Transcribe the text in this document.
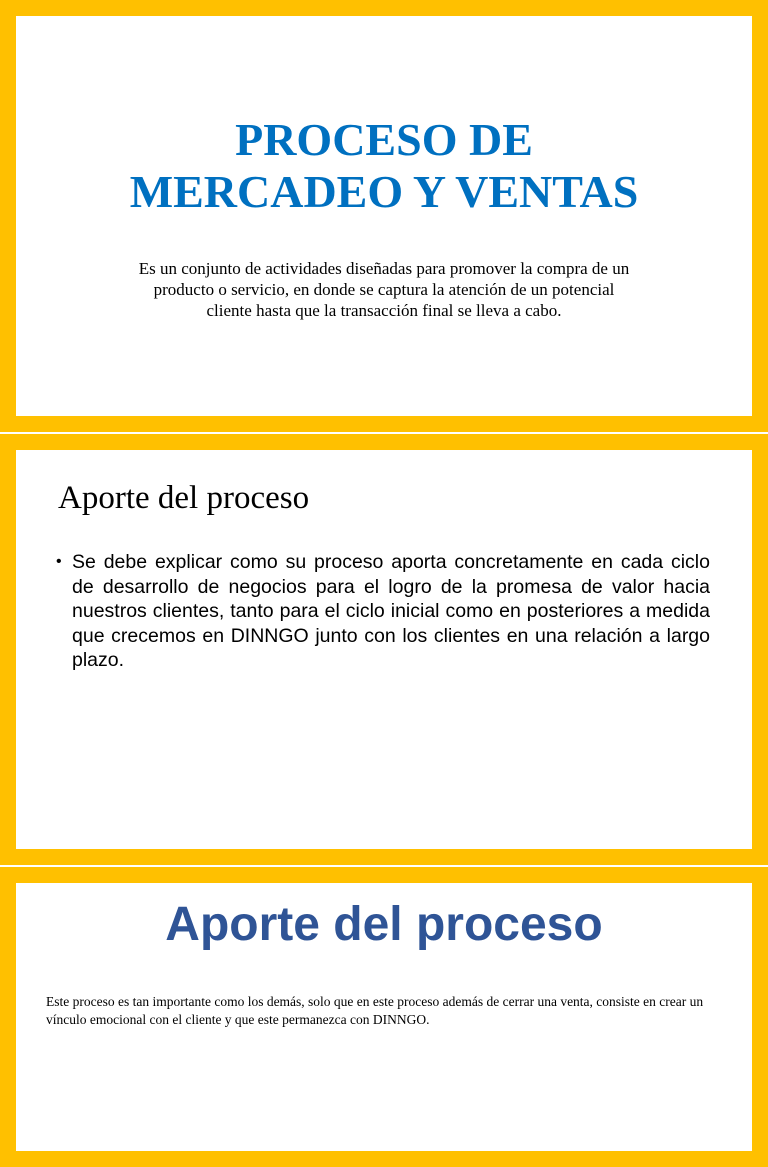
PROCESO DE
MERCADEO Y VENTAS

Es un conjunto de actividades diseñadas para promover la compra de un
producto o servicio, en donde se captura la atención de un potencial
cliente hasta que la transacción final se lleva a cabo.

Aporte del proceso
• Se debe explicar como su proceso aporta concretamente en cada ciclo de desarrollo de negocios para el logro de la promesa de valor hacia nuestros clientes, tanto para el ciclo inicial como en posteriores a medida que crecemos en DINNGO junto con los clientes en una relación a largo plazo.
Aporte del proceso

Este proceso es tan importante como los demás, solo que en este proceso además de cerrar una venta, consiste en crear un vínculo emocional con el cliente y que este permanezca con DINNGO.
